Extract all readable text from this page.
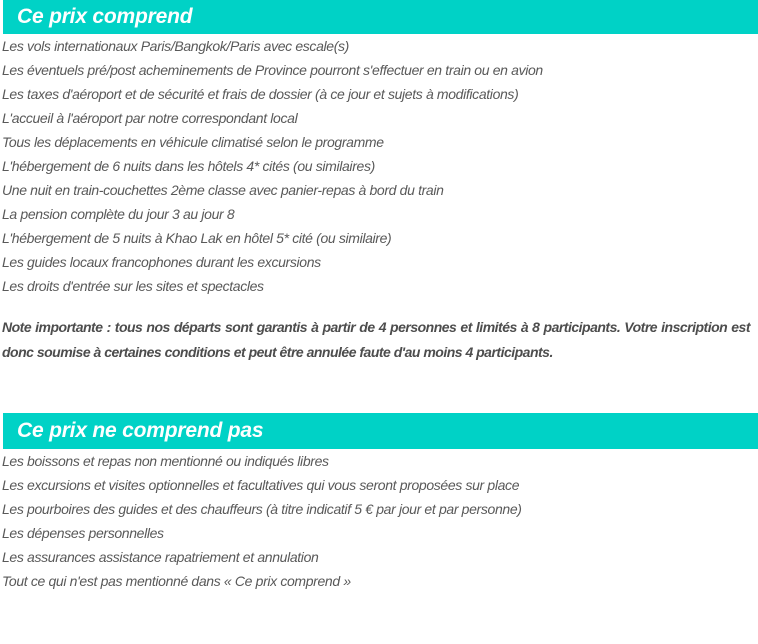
Ce prix comprend
Les vols internationaux Paris/Bangkok/Paris avec escale(s)
Les éventuels pré/post acheminements de Province pourront s'effectuer en train ou en avion
Les taxes d'aéroport et de sécurité et frais de dossier (à ce jour et sujets à modifications)
L'accueil à l'aéroport par notre correspondant local
Tous les déplacements en véhicule climatisé selon le programme
L'hébergement de 6 nuits dans les hôtels 4* cités (ou similaires)
Une nuit en train-couchettes 2ème classe avec panier-repas à bord du train
La pension complète du jour 3 au jour 8
L'hébergement de 5 nuits à Khao Lak en hôtel 5* cité (ou similaire)
Les guides locaux francophones durant les excursions
Les droits d'entrée sur les sites et spectacles

Note importante : tous nos départs sont garantis à partir de 4 personnes et limités à 8 participants. Votre inscription est donc soumise à certaines conditions et peut être annulée faute d'au moins 4 participants.

Ce prix ne comprend pas
Les boissons et repas non mentionné ou indiqués libres
Les excursions et visites optionnelles et facultatives qui vous seront proposées sur place
Les pourboires des guides et des chauffeurs (à titre indicatif 5 € par jour et par personne)
Les dépenses personnelles
Les assurances assistance rapatriement et annulation
Tout ce qui n'est pas mentionné dans « Ce prix comprend »
